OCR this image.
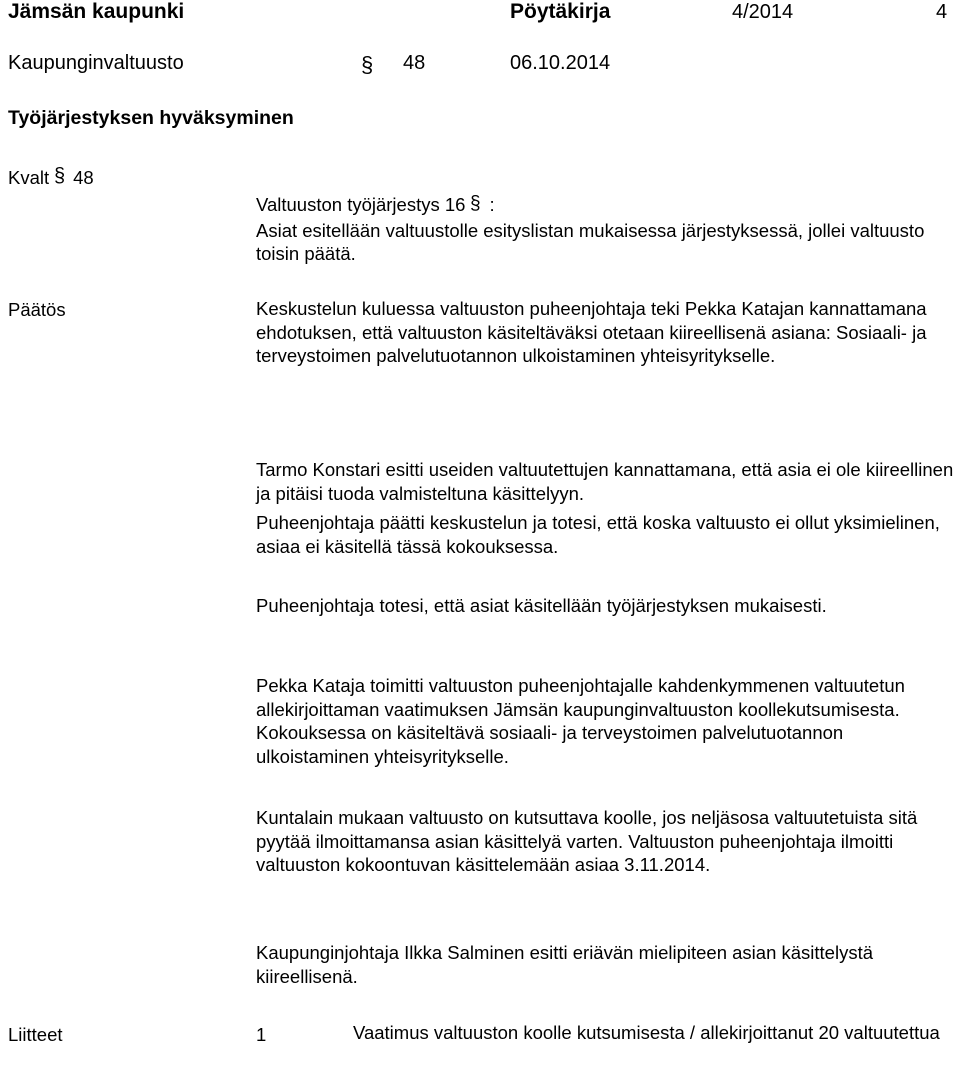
Jämsän kaupunki	Pöytäkirja	4/2014	4
Kaupunginvaltuusto	§ 48	06.10.2014
Työjärjestyksen hyväksyminen
Kvalt § 48

Valtuuston työjärjestys 16 § :

Asiat esitellään valtuustolle esityslistan mukaisessa järjestyksessä, jollei valtuusto toisin päätä.

Päätös	Keskustelun kuluessa valtuuston puheenjohtaja teki Pekka Katajan kannattamana ehdotuksen, että valtuuston käsiteltäväksi otetaan kiireellisenä asiana: Sosiaali- ja terveystoimen palvelutuotannon ulkoistaminen yhteisyritykselle.

Tarmo Konstari esitti useiden valtuutettujen kannattamana, että asia ei ole kiireellinen ja pitäisi tuoda valmisteltuna käsittelyyn.

Puheenjohtaja päätti keskustelun ja totesi, että koska valtuusto ei ollut yksimielinen, asiaa ei käsitellä tässä kokouksessa.

Puheenjohtaja totesi, että asiat käsitellään työjärjestyksen mukaisesti.

Pekka Kataja toimitti valtuuston puheenjohtajalle kahdenkymmenen valtuutetun allekirjoittaman vaatimuksen Jämsän kaupunginvaltuuston koollekutsumisesta. Kokouksessa on käsiteltävä sosiaali- ja terveystoimen palvelutuotannon ulkoistaminen yhteisyritykselle.

Kuntalain mukaan valtuusto on kutsuttava koolle, jos neljäsosa valtuutetuista sitä pyytää ilmoittamansa asian käsittelyä varten. Valtuuston puheenjohtaja ilmoitti valtuuston kokoontuvan käsittelemään asiaa 3.11.2014.

Kaupunginjohtaja Ilkka Salminen esitti eriävän mielipiteen asian käsittelystä kiireellisenä.

Liitteet	1	Vaatimus valtuuston koolle kutsumisesta / allekirjoittanut 20 valtuutettua
